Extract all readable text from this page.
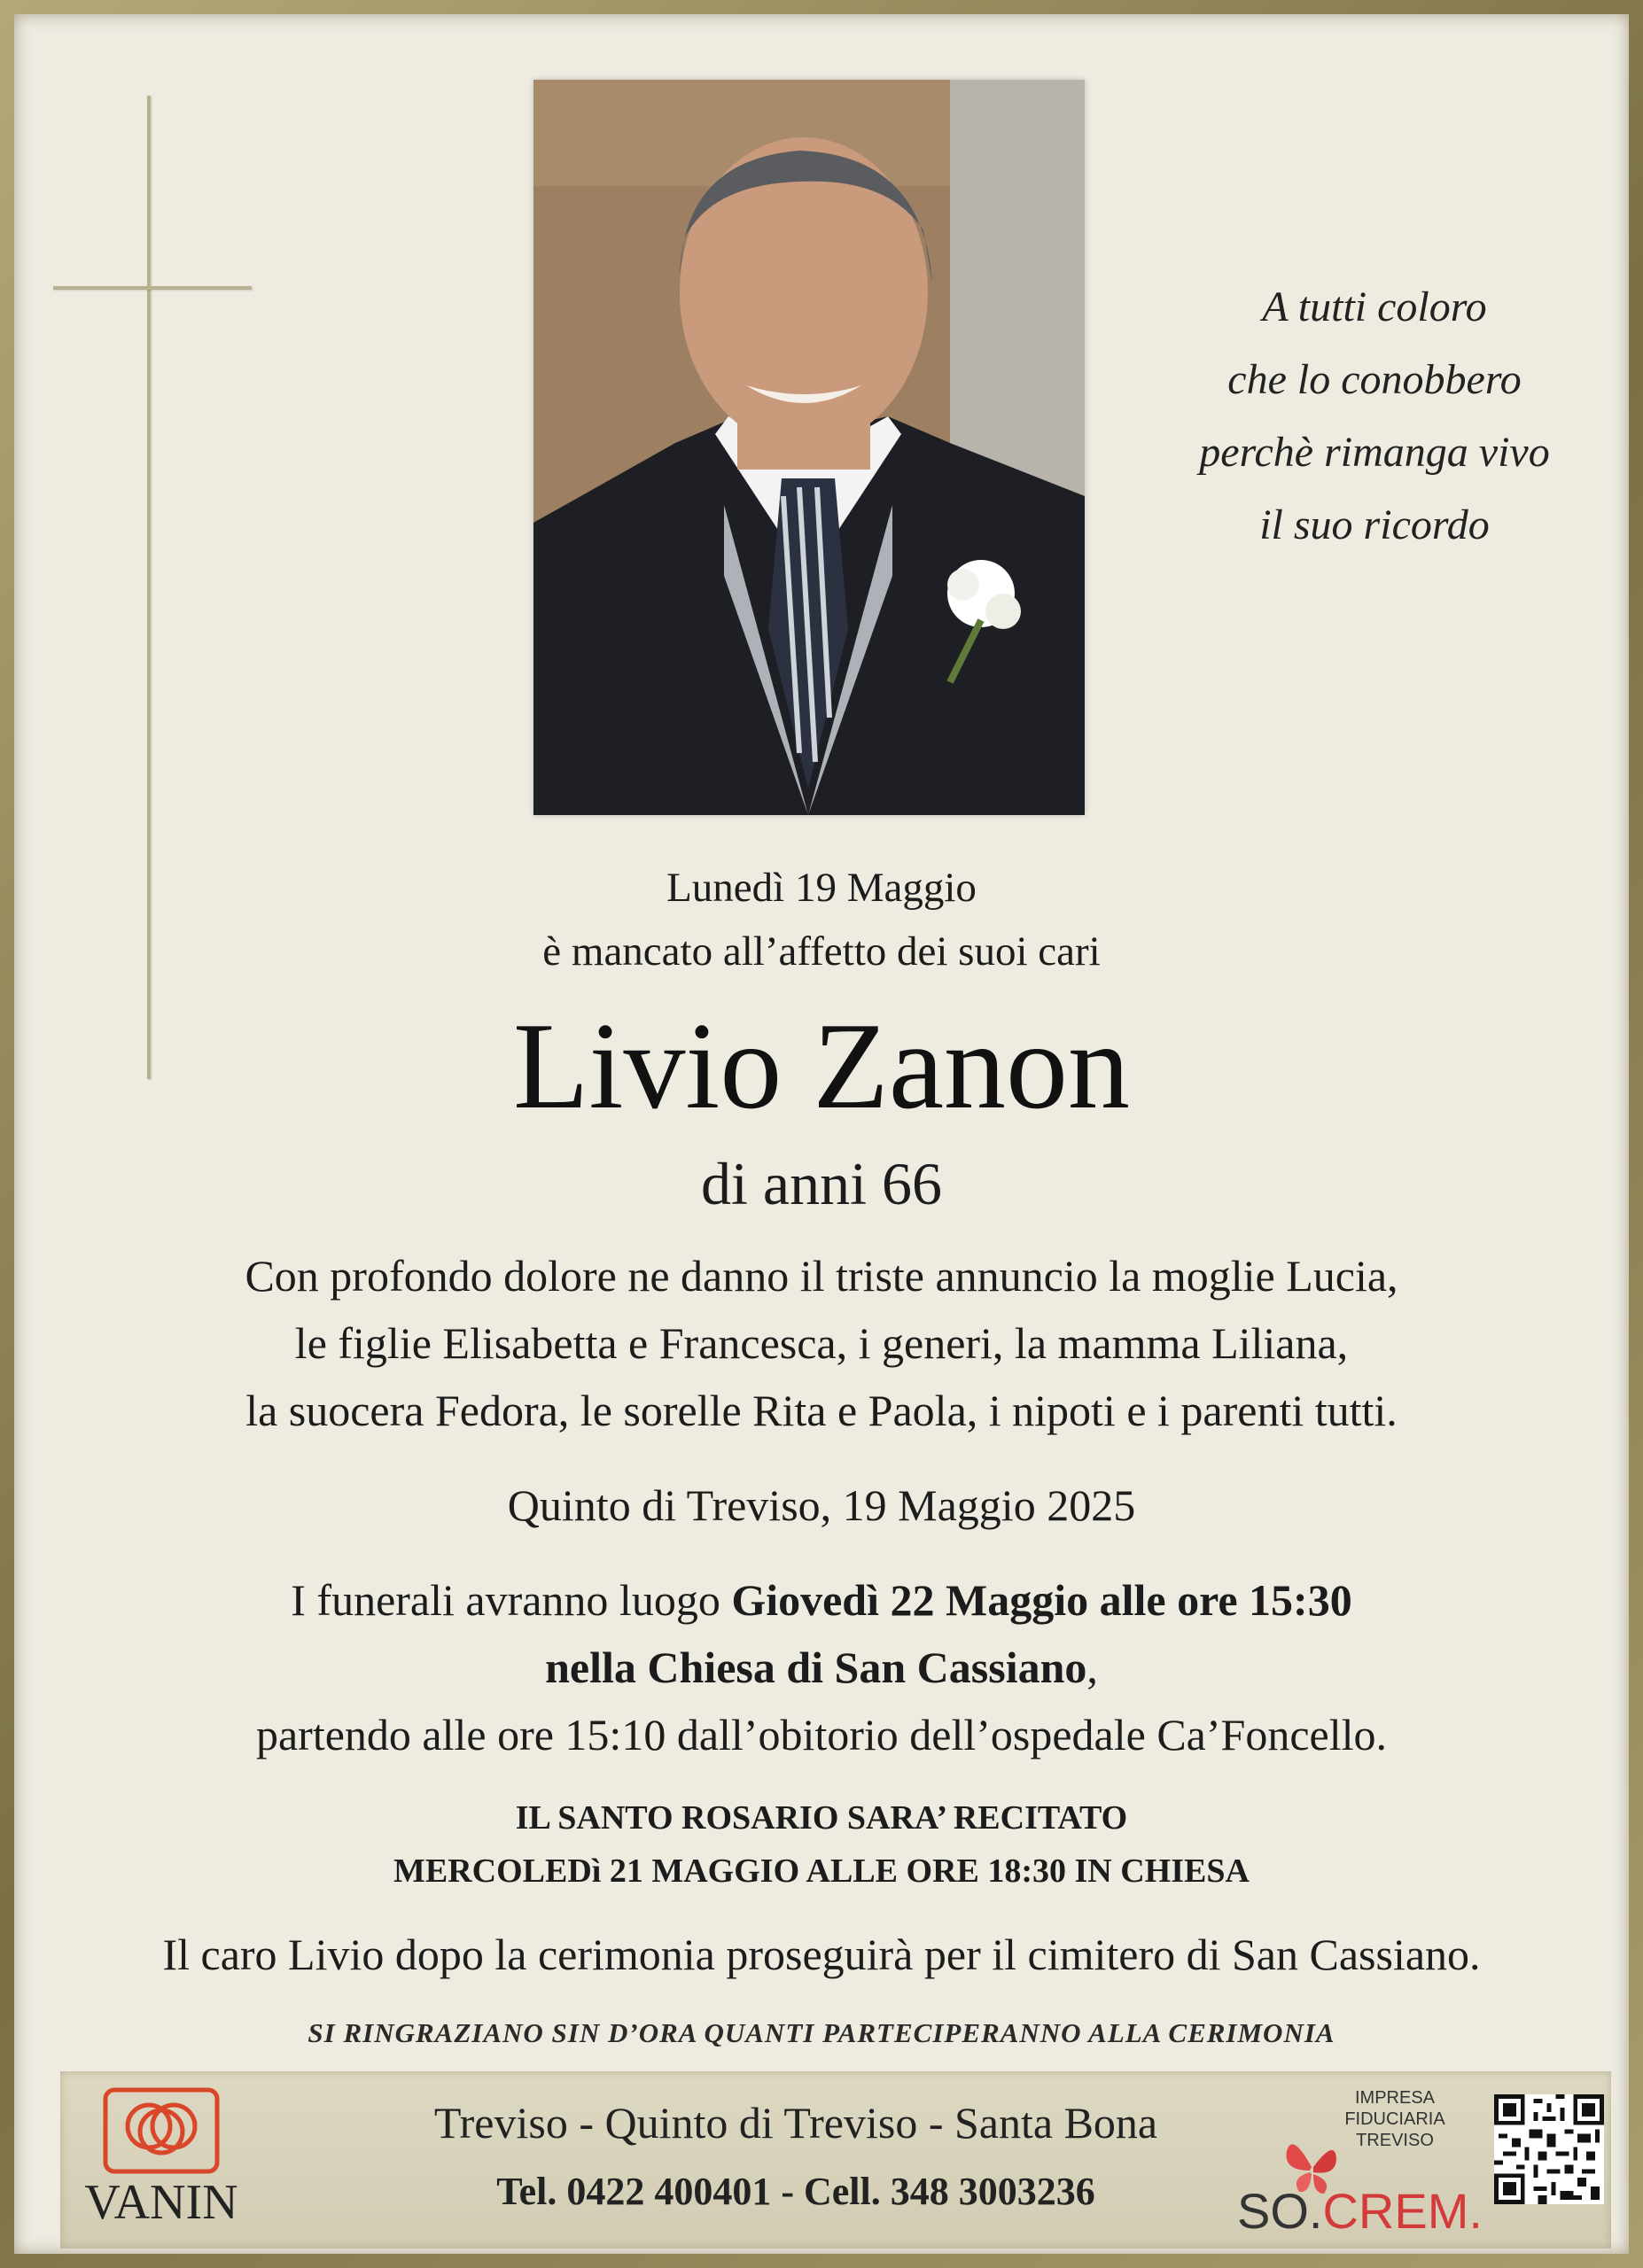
A tutti coloro
che lo conobbero
perchè rimanga vivo
il suo ricordo
Lunedì 19 Maggio
è mancato all’affetto dei suoi cari
Livio Zanon
di anni 66
Con profondo dolore ne danno il triste annuncio la moglie Lucia,
le figlie Elisabetta e Francesca, i generi, la mamma Liliana,
la suocera Fedora, le sorelle Rita e Paola, i nipoti e i parenti tutti.
Quinto di Treviso, 19 Maggio 2025
I funerali avranno luogo Giovedì 22 Maggio alle ore 15:30
nella Chiesa di San Cassiano,
partendo alle ore 15:10 dall’obitorio dell’ospedale Ca’Foncello.
IL SANTO ROSARIO SARA’ RECITATO
MERCOLEDì 21 MAGGIO ALLE ORE 18:30 IN CHIESA
Il caro Livio dopo la cerimonia proseguirà per il cimitero di San Cassiano.
SI RINGRAZIANO SIN D’ORA QUANTI PARTECIPERANNO ALLA CERIMONIA
VANIN
Treviso - Quinto di Treviso - Santa Bona
Tel. 0422 400401 - Cell. 348 3003236
IMPRESA
FIDUCIARIA
TREVISO
SO.CREM.
